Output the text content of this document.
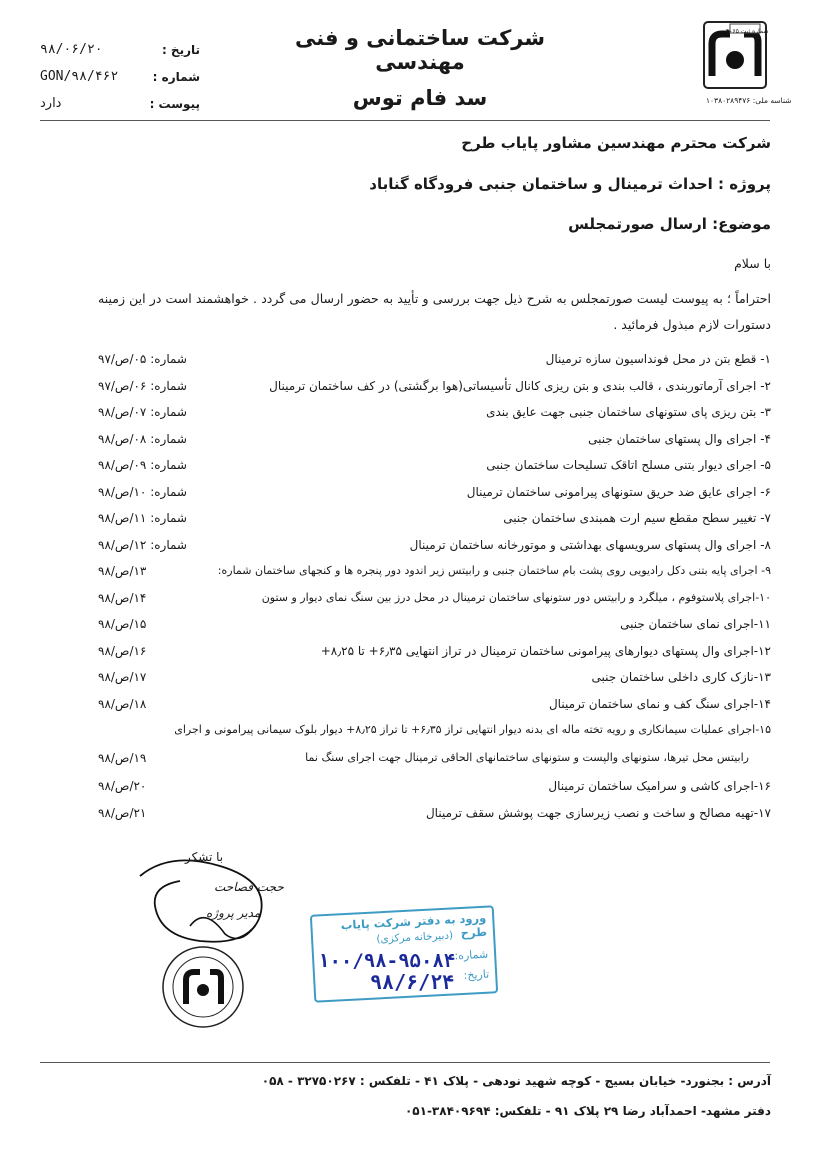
شماره ثبت ۴۰۶۵
شناسه ملی: ۱۰۳۸۰۲۸۹۴۷۶
شرکت ساختمانی و فنی مهندسی
سد فام توس
تاریخ :
۹۸/۰۶/۲۰
شماره :
GON/۹۸/۴۶۲
پیوست :
دارد
شرکت محترم مهندسین مشاور پایاب طرح
پروژه : احداث ترمینال و ساختمان جنبی فرودگاه گناباد
موضوع: ارسال صورتمجلس
با سلام
احتراماً ؛ به پیوست لیست صورتمجلس به شرح ذیل جهت بررسی و تأیید به حضور ارسال می گردد . خواهشمند است در این زمینه دستورات لازم مبذول فرمائید .
۱- قطع بتن در محل فونداسیون سازه ترمینال
شماره: ۰۵/ص/۹۷
۲- اجرای آرماتوربندی ، قالب بندی و بتن ریزی کانال تأسیساتی(هوا برگشتی) در کف ساختمان ترمینال
شماره: ۰۶/ص/۹۷
۳- بتن ریزی پای ستونهای ساختمان جنبی جهت عایق بندی
شماره: ۰۷/ص/۹۸
۴- اجرای وال پستهای ساختمان جنبی
شماره: ۰۸/ص/۹۸
۵- اجرای دیوار بتنی مسلح اتاقک تسلیحات ساختمان جنبی
شماره: ۰۹/ص/۹۸
۶- اجرای عایق ضد حریق ستونهای پیرامونی ساختمان ترمینال
شماره: ۱۰/ص/۹۸
۷- تغییر سطح مقطع سیم ارت همبندی ساختمان جنبی
شماره: ۱۱/ص/۹۸
۸- اجرای وال پستهای سرویسهای بهداشتی و موتورخانه ساختمان ترمینال
شماره: ۱۲/ص/۹۸
۹- اجرای پایه بتنی دکل رادیویی روی پشت بام ساختمان جنبی و رابیتس زیر اندود دور پنجره ها و کنجهای ساختمان شماره:
۱۳/ص/۹۸
۱۰-اجرای پلاستوفوم ، میلگرد و رابیتس دور ستونهای ساختمان ترمینال در محل درز بین سنگ نمای دیوار و ستون
۱۴/ص/۹۸
۱۱-اجرای نمای ساختمان جنبی
۱۵/ص/۹۸
۱۲-اجرای وال پستهای دیوارهای پیرامونی ساختمان ترمینال در تراز انتهایی ۶٫۳۵+ تا ۸٫۲۵+
۱۶/ص/۹۸
۱۳-نازک کاری داخلی ساختمان جنبی
۱۷/ص/۹۸
۱۴-اجرای سنگ کف و نمای ساختمان ترمینال
۱۸/ص/۹۸
۱۵-اجرای عملیات سیمانکاری و رویه تخته ماله ای بدنه دیوار انتهایی تراز ۶٫۳۵+ تا تراز ۸٫۲۵+ دیوار بلوک سیمانی پیرامونی و اجرای
رابیتس محل تیرها، ستونهای والپست و ستونهای ساختمانهای الحاقی ترمینال جهت اجرای سنگ نما
۱۹/ص/۹۸
۱۶-اجرای کاشی و سرامیک ساختمان ترمینال
۲۰/ص/۹۸
۱۷-تهیه مصالح و ساخت و نصب زیرسازی جهت پوشش سقف ترمینال
۲۱/ص/۹۸
با تشکر
حجت فصاحت
مدیر پروژه	ورود به دفتر شرکت پایاب طرح
(دبیرخانه مرکزی)
شماره:
تاریخ:
۱۰۰/۹۸-۹۵۰۸۴
۹۸/۶/۲۴
آدرس : بجنورد- خیابان بسیج - کوچه شهید نودهی - پلاک ۴۱ - تلفکس : ۳۲۷۵۰۲۶۷ - ۰۵۸
دفتر مشهد- احمدآباد رضا ۲۹ پلاک ۹۱ - تلفکس: ۳۸۴۰۹۶۹۴-۰۵۱
